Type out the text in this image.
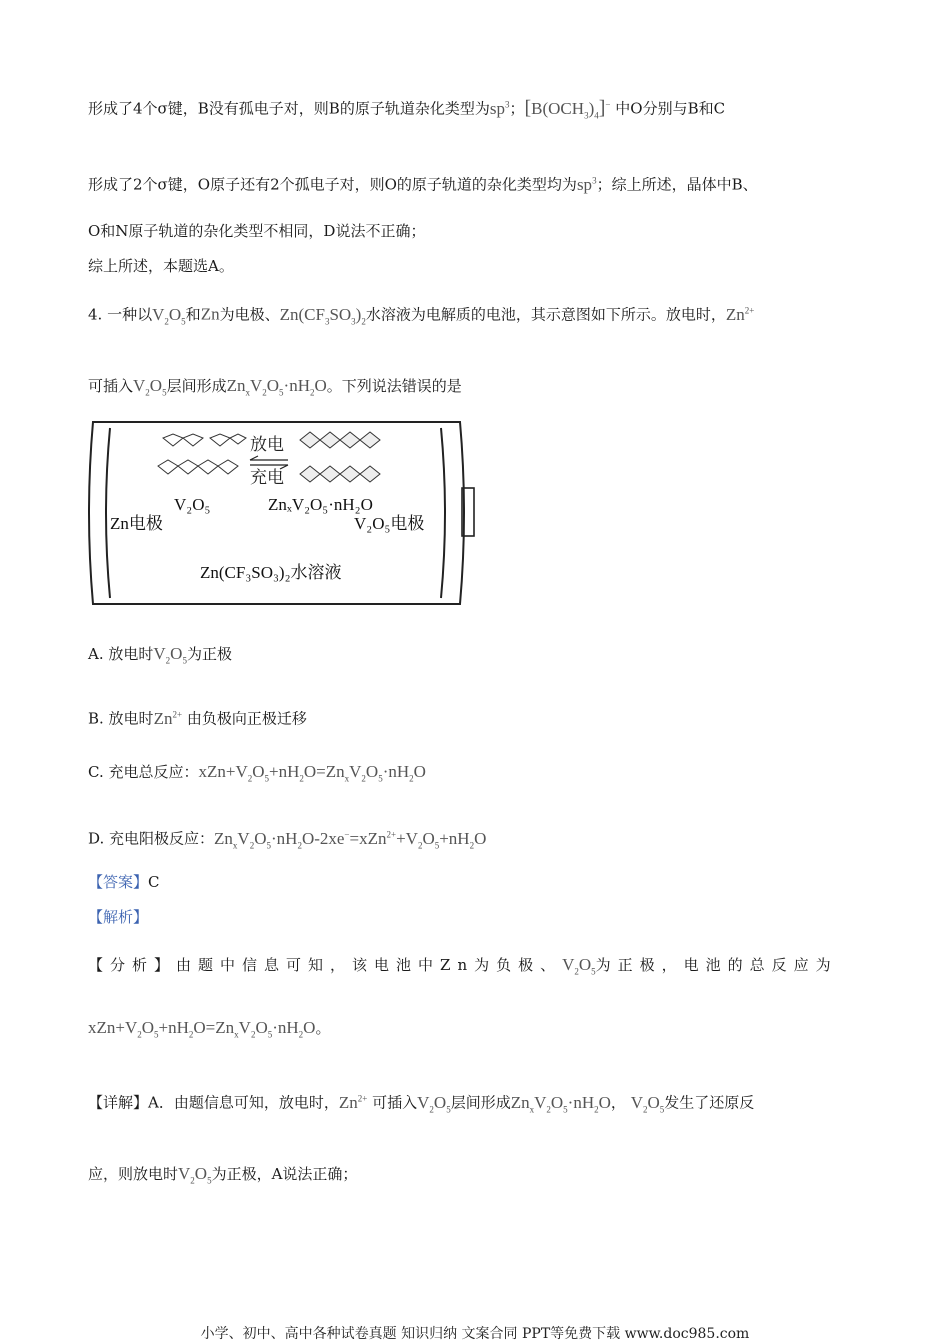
形成了4个σ键，B没有孤电子对，则B的原子轨道杂化类型为$sp^3$；$[B(OCH_3)_4]^-$ 中O分别与B和C
形成了2个σ键，O原子还有2个孤电子对，则O的原子轨道的杂化类型均为$sp^3$；综上所述，晶体中B、
O和N原子轨道的杂化类型不相同，D说法不正确；
综上所述，本题选A。
4. 一种以$V_2O_5$和Zn为电极、$Zn(CF_3SO_3)_2$水溶液为电解质的电池，其示意图如下所示。放电时，$Zn^{2+}$
可插入$V_2O_5$层间形成$Zn_xV_2O_5\cdot nH_2O$。下列说法错误的是
放电
充电
V₂O₅	ZnₓV₂O₅·nH₂O
Zn电极	V₂O₅电极
Zn(CF₃SO₃)₂水溶液
A. 放电时$V_2O_5$为正极
B. 放电时$Zn^{2+}$ 由负极向正极迁移
C. 充电总反应：$xZn+V_2O_5+nH_2O=Zn_xV_2O_5\cdot nH_2O$
D. 充电阳极反应：$Zn_xV_2O_5\cdot nH_2O-2xe^-=xZn^{2+}+V_2O_5+nH_2O$
【答案】C
【解析】
【分析】由题中信息可知，该电池中Zn为负极、$V_2O_5$为正极，电池的总反应为
$xZn+V_2O_5+nH_2O=Zn_xV_2O_5\cdot nH_2O$。
【详解】A．由题信息可知，放电时，$Zn^{2+}$ 可插入$V_2O_5$层间形成$Zn_xV_2O_5\cdot nH_2O$， $V_2O_5$发生了还原反
应，则放电时$V_2O_5$为正极，A说法正确；
小学、初中、高中各种试卷真题 知识归纳 文案合同 PPT等免费下载 www.doc985.com
